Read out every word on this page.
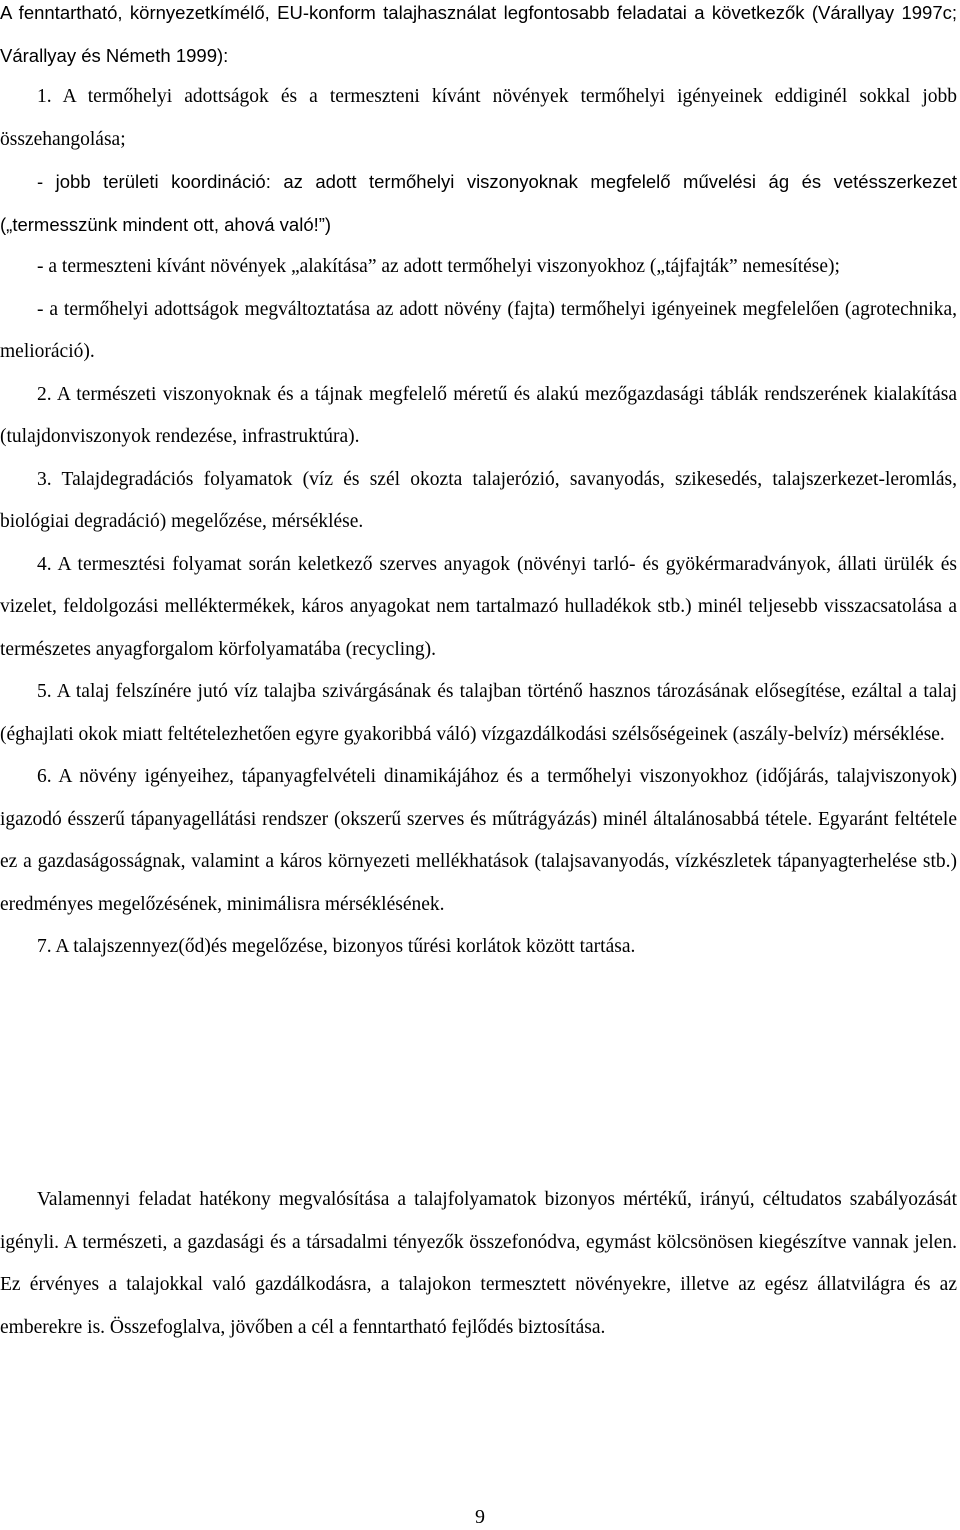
A fenntartható, környezetkímélő, EU-konform talajhasználat legfontosabb feladatai a következők (Várallyay 1997c; Várallyay és Németh 1999):

1. A termőhelyi adottságok és a termeszteni kívánt növények termőhelyi igényeinek eddiginél sokkal jobb összehangolása;

- jobb területi koordináció: az adott termőhelyi viszonyoknak megfelelő művelési ág és vetésszerkezet („termesszünk mindent ott, ahová való!”)

- a termeszteni kívánt növények „alakítása” az adott termőhelyi viszonyokhoz („tájfajták” nemesítése);

- a termőhelyi adottságok megváltoztatása az adott növény (fajta) termőhelyi igényeinek megfelelően (agrotechnika, melioráció).

2. A természeti viszonyoknak és a tájnak megfelelő méretű és alakú mezőgazdasági táblák rendszerének kialakítása (tulajdonviszonyok rendezése, infrastruktúra).

3. Talajdegradációs folyamatok (víz és szél okozta talajerózió, savanyodás, szikesedés, talajszerkezet-leromlás, biológiai degradáció) megelőzése, mérséklése.

4. A termesztési folyamat során keletkező szerves anyagok (növényi tarló- és gyökérmaradványok, állati ürülék és vizelet, feldolgozási melléktermékek, káros anyagokat nem tartalmazó hulladékok stb.) minél teljesebb visszacsatolása a természetes anyagforgalom körfolyamatába (recycling).

5. A talaj felszínére jutó víz talajba szivárgásának és talajban történő hasznos tározásának elősegítése, ezáltal a talaj (éghajlati okok miatt feltételezhetően egyre gyakoribbá váló) vízgazdálkodási szélsőségeinek (aszály-belvíz) mérséklése.

6. A növény igényeihez, tápanyagfelvételi dinamikájához és a termőhelyi viszonyokhoz (időjárás, talajviszonyok) igazodó ésszerű tápanyagellátási rendszer (okszerű szerves és műtrágyázás) minél általánosabbá tétele. Egyaránt feltétele ez a gazdaságosságnak, valamint a káros környezeti mellékhatások (talajsavanyodás, vízkészletek tápanyagterhelése stb.) eredményes megelőzésének, minimálisra mérséklésének.

7. A talajszennyez(őd)és megelőzése, bizonyos tűrési korlátok között tartása.

Valamennyi feladat hatékony megvalósítása a talajfolyamatok bizonyos mértékű, irányú, céltudatos szabályozását igényli. A természeti, a gazdasági és a társadalmi tényezők összefonódva, egymást kölcsönösen kiegészítve vannak jelen. Ez érvényes a talajokkal való gazdálkodásra, a talajokon termesztett növényekre, illetve az egész állatvilágra és az emberekre is. Összefoglalva, jövőben a cél a fenntartható fejlődés biztosítása.

9
